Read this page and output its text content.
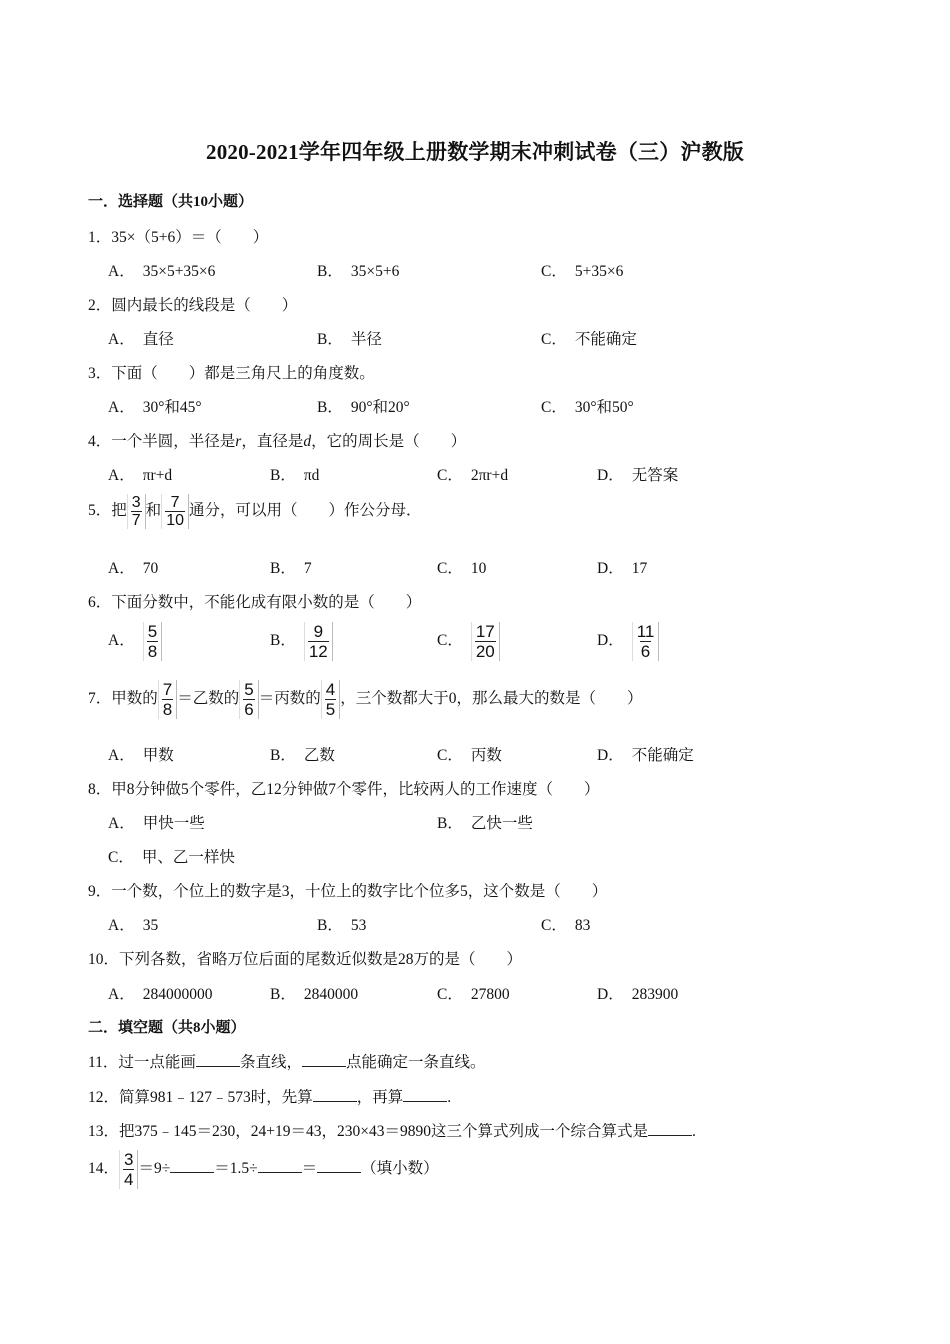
2020-2021学年四年级上册数学期末冲刺试卷（三）沪教版
一．选择题（共10小题）
1．35×（5+6）＝（　　）
A． 35×5+35×6	B． 35×5+6	C． 5+35×6
2．圆内最长的线段是（　　）
A． 直径	B． 半径	C． 不能确定
3．下面（　　）都是三角尺上的角度数。
A． 30°和45°	B． 90°和20°	C． 30°和50°
4．一个半圆，半径是r，直径是d，它的周长是（　　）
A． πr+d	B． πd	C． 2πr+d	D． 无答案
5．把 $\frac{3}{7}$ 和 $\frac{7}{10}$ 通分，可以用（　　）作公分母．
A． 70	B． 7	C． 10	D． 17
6．下面分数中，不能化成有限小数的是（　　）
A． $\frac{5}{8}$	B． $\frac{9}{12}$	C． $\frac{17}{20}$	D． $\frac{11}{6}$
7．甲数的 $\frac{7}{8}$ ＝乙数的 $\frac{5}{6}$ ＝丙数的 $\frac{4}{5}$ ，三个数都大于0，那么最大的数是（　　）
A． 甲数	B． 乙数	C． 丙数	D． 不能确定
8．甲8分钟做5个零件，乙12分钟做7个零件，比较两人的工作速度（　　）
A． 甲快一些	B． 乙快一些
C． 甲、乙一样快
9．一个数，个位上的数字是3，十位上的数字比个位多5，这个数是（　　）
A． 35	B． 53	C． 83
10．下列各数，省略万位后面的尾数近似数是28万的是（　　）
A． 284000000	B． 2840000	C． 27800	D． 283900
二．填空题（共8小题）
11．过一点能画	条直线，	点能确定一条直线。
12．简算981﹣127﹣573时，先算	，再算	.
13．把375﹣145＝230，24+19＝43，230×43＝9890这三个算式列成一个综合算式是	.
14． $\frac{3}{4} =9\div$	＝1.5÷	＝	（填小数）
